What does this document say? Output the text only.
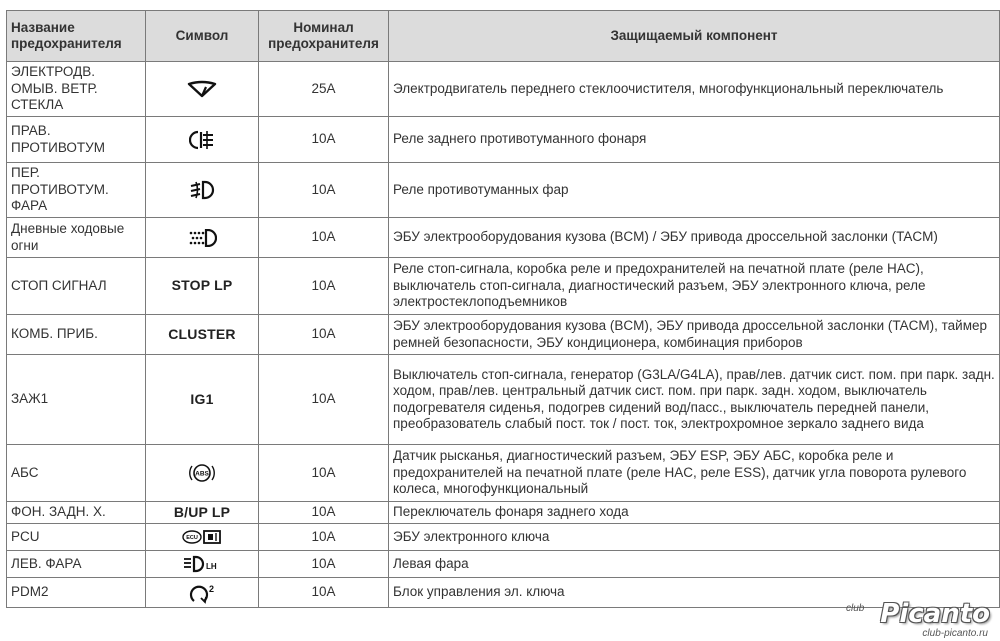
Название предохранителя	Символ	Номинал предохранителя	Защищаемый компонент
ЭЛЕКТРОДВ. ОМЫВ. ВЕТР. СТЕКЛА		25A	Электродвигатель переднего стеклоочистителя, многофункциональный переключатель
ПРАВ. ПРОТИВОТУМ		10A	Реле заднего противотуманного фонаря
ПЕР. ПРОТИВОТУМ. ФАРА		10A	Реле противотуманных фар
Дневные ходовые огни		10A	ЭБУ электрооборудования кузова (BCM) / ЭБУ привода дроссельной заслонки (TACM)
СТОП СИГНАЛ	STOP LP	10A	Реле стоп-сигнала, коробка реле и предохранителей на печатной плате (реле HAC), выключатель стоп-сигнала, диагностический разъем, ЭБУ электронного ключа, реле электростеклоподъемников
КОМБ. ПРИБ.	CLUSTER	10A	ЭБУ электрооборудования кузова (BCM), ЭБУ привода дроссельной заслонки (TACM), таймер ремней безопасности, ЭБУ кондиционера, комбинация приборов
ЗАЖ1	IG1	10A	Выключатель стоп-сигнала, генератор (G3LA/G4LA), прав/лев. датчик сист. пом. при парк. задн. ходом, прав/лев. центральный датчик сист. пом. при парк. задн. ходом, выключатель подогревателя сиденья, подогрев сидений вод/пасс., выключатель передней панели, преобразователь слабый пост. ток / пост. ток, электрохромное зеркало заднего вида
АБС	ABS	10A	Датчик рысканья, диагностический разъем, ЭБУ ESP, ЭБУ АБС, коробка реле и предохранителей на печатной плате (реле HAC, реле ESS), датчик угла поворота рулевого колеса, многофункциональный
ФОН. ЗАДН. Х.	B/UP LP	10A	Переключатель фонаря заднего хода
PCU	ECU	10A	ЭБУ электронного ключа
ЛЕВ. ФАРА	LH	10A	Левая фара
PDM2	2	10A	Блок управления эл. ключа
club Picanto
club-picanto.ru
